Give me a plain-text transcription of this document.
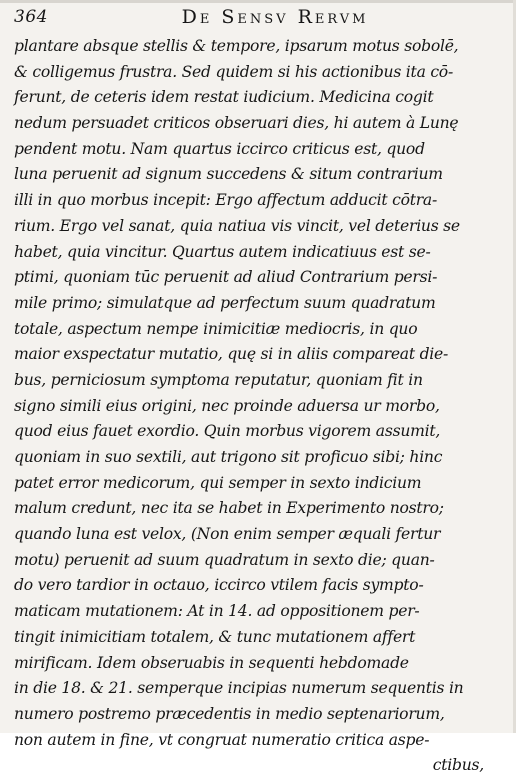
364	De Sensv Rervm
plantare absque stellis & tempore, ipsarum motus sobolē,
& colligemus frustra. Sed quidem si his actionibus ita cō-
ferunt, de ceteris idem restat iudicium. Medicina cogit
nedum persuadet criticos obseruari dies, hi autem à Lunę
pendent motu. Nam quartus iccirco criticus est, quod
luna peruenit ad signum succedens & situm contrarium
illi in quo morbus incepit: Ergo affectum adducit cōtra-
rium. Ergo vel sanat, quia natiua vis vincit, vel deterius se
habet, quia vincitur. Quartus autem indicatiuus est se-
ptimi, quoniam tūc peruenit ad aliud Contrarium persi-
mile primo; simulatque ad perfectum suum quadratum
totale, aspectum nempe inimicitiæ mediocris, in quo
maior exspectatur mutatio, quę si in aliis compareat die-
bus, perniciosum symptoma reputatur, quoniam fit in
signo simili eius origini, nec proinde aduersa ur morbo,
quod eius fauet exordio. Quin morbus vigorem assumit,
quoniam in suo sextili, aut trigono sit proficuo sibi; hinc
patet error medicorum, qui semper in sexto indicium
malum credunt, nec ita se habet in Experimento nostro;
quando luna est velox, (Non enim semper æquali fertur
motu) peruenit ad suum quadratum in sexto die; quan-
do vero tardior in octauo, iccirco vtilem facis sympto-
maticam mutationem: At in 14. ad oppositionem per-
tingit inimicitiam totalem, & tunc mutationem affert
mirificam. Idem obseruabis in sequenti hebdomade
in die 18. & 21. semperque incipias numerum sequentis in
numero postremo præcedentis in medio septenariorum,
non autem in fine, vt congruat numeratio critica aspe-
ctibus,
